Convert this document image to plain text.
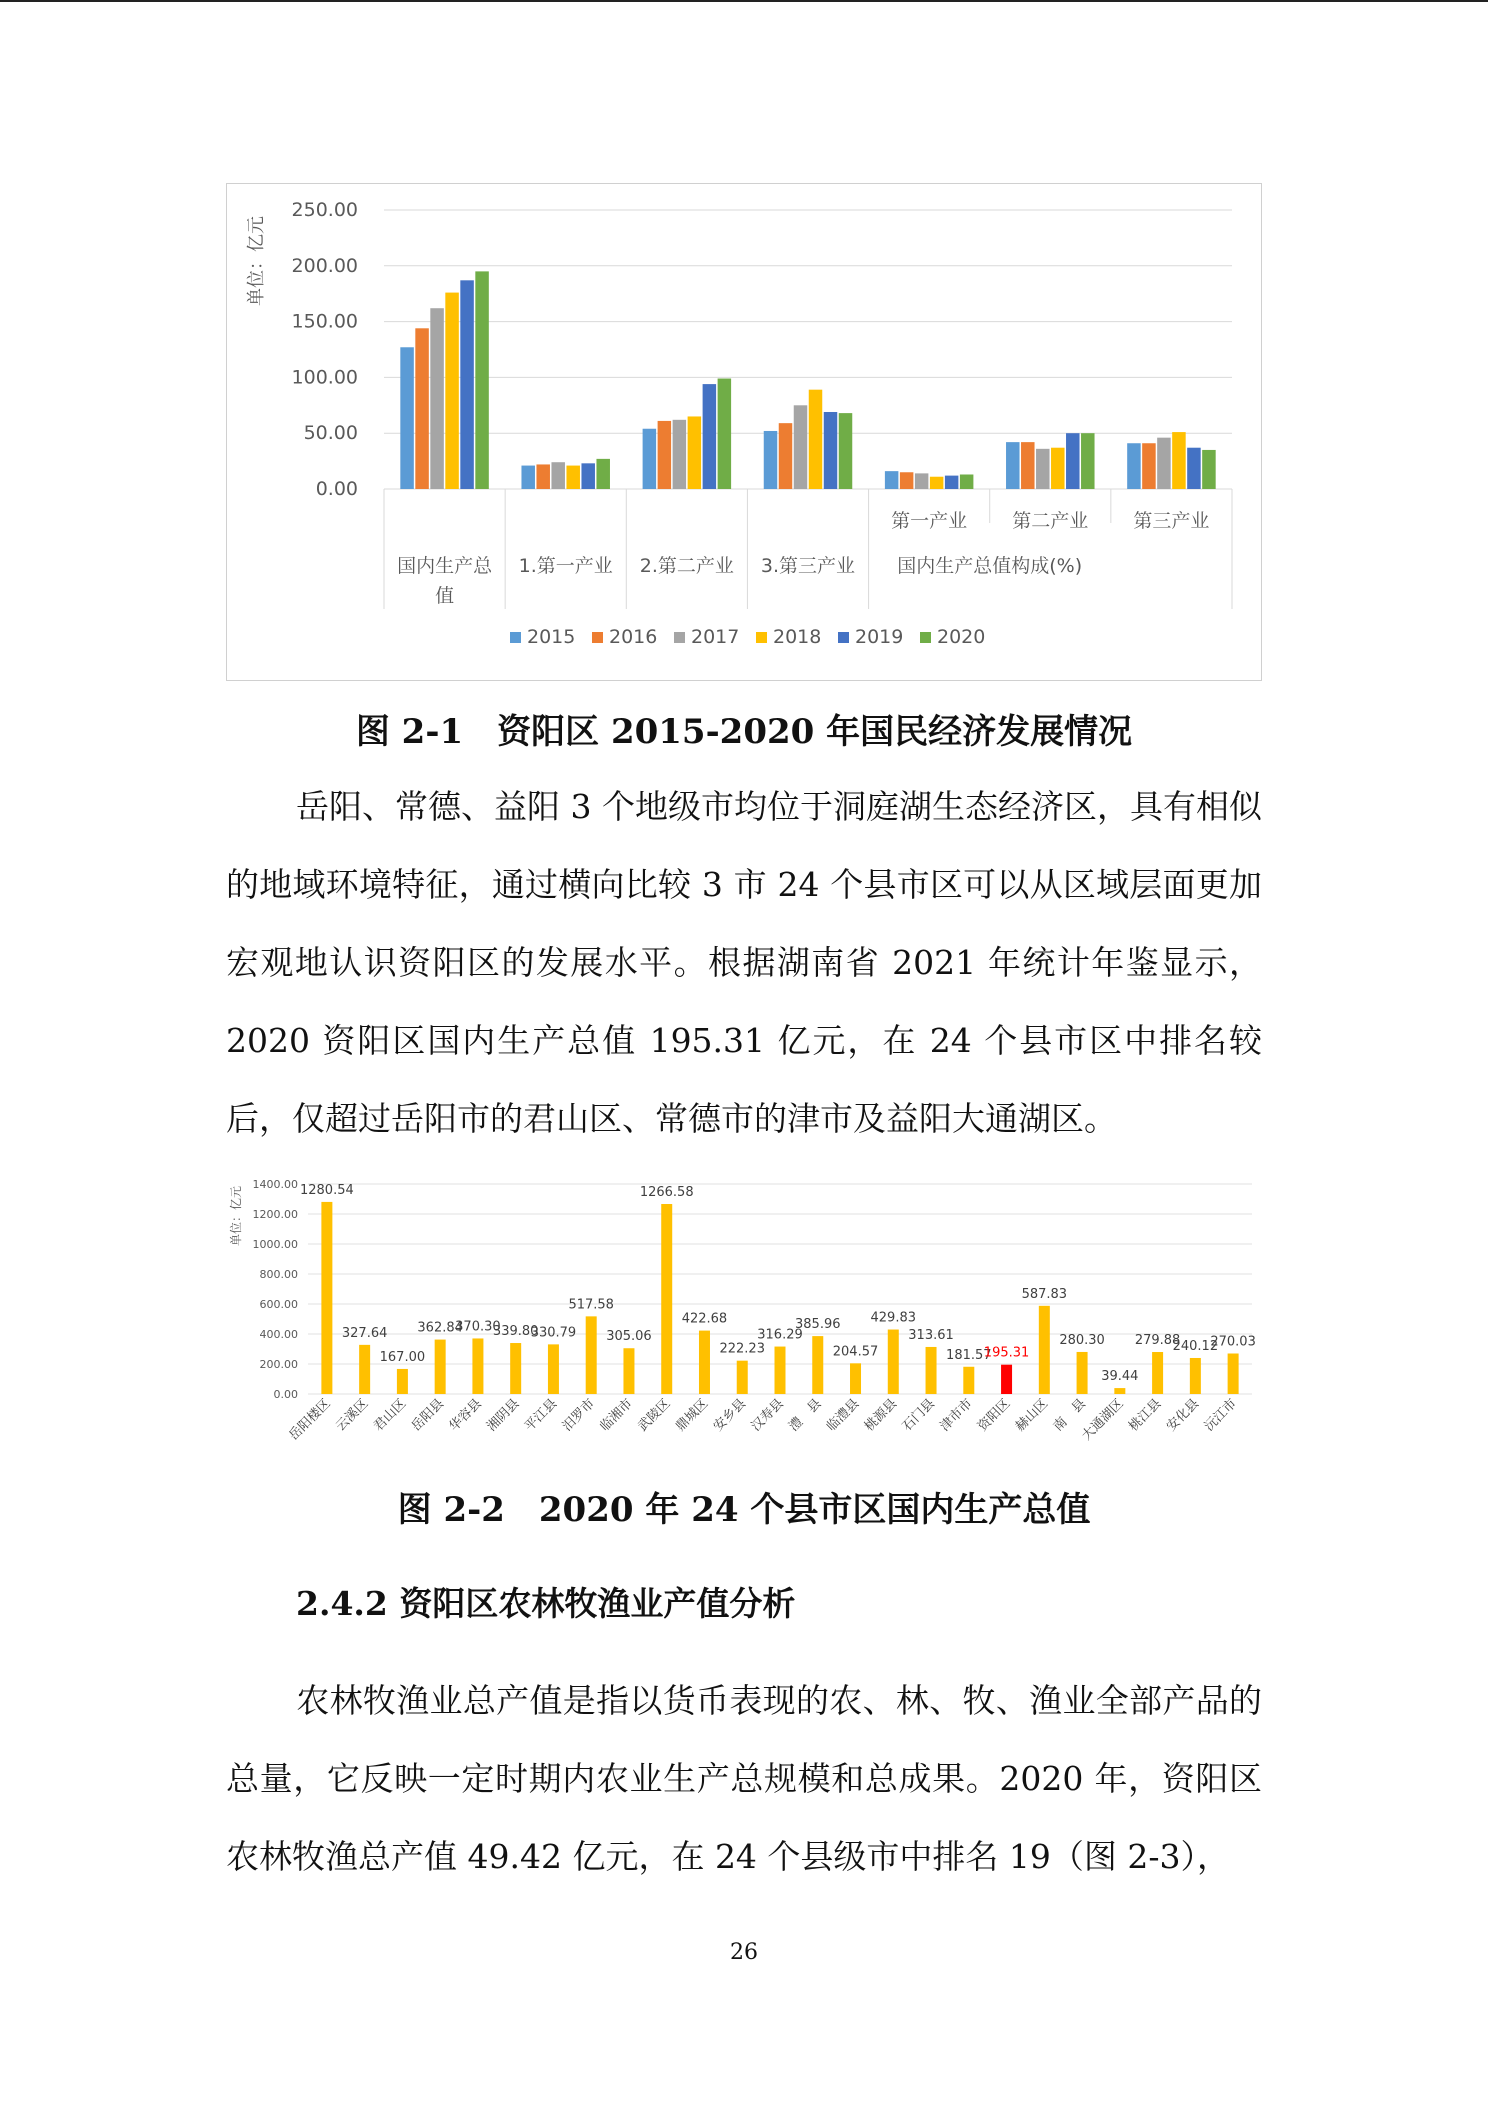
0.00
50.00
100.00
150.00
200.00
250.00
单位：亿元
国内生产总
值
1.第一产业 2.第二产业 3.第三产业
第一产业 第二产业 第三产业
国内生产总值构成(%)
2015 2016 2017 2018 2019 2020
图 2-1　资阳区 2015-2020 年国民经济发展情况
岳阳、常德、益阳 3 个地级市均位于洞庭湖生态经济区，具有相似的地域环境特征，通过横向比较 3 市 24 个县市区可以从区域层面更加宏观地认识资阳区的发展水平。根据湖南省 2021 年统计年鉴显示，2020 资阳区国内生产总值 195.31 亿元，在 24 个县市区中排名较后，仅超过岳阳市的君山区、常德市的津市及益阳大通湖区。
0.00
200.00
400.00
600.00
800.00
1000.00
1200.00
1400.00
单位：亿元	1280.54
岳阳楼区
327.64
云溪区
167.00
君山区
362.84
岳阳县
370.30
华容县
339.80
湘阴县
330.79
平江县
517.58
汨罗市
305.06
临湘市
1266.58
武陵区
422.68
鼎城区
222.23
安乡县
316.29
汉寿县
385.96
澧　县
204.57
临澧县
429.83
桃源县
313.61
石门县
181.57
津市市
195.31
资阳区
587.83
赫山区
280.30
南　县
39.44
大通湖区
279.88
桃江县
240.12
安化县
270.03
沅江市
图 2-2　2020 年 24 个县市区国内生产总值
2.4.2 资阳区农林牧渔业产值分析
农林牧渔业总产值是指以货币表现的农、林、牧、渔业全部产品的总量，它反映一定时期内农业生产总规模和总成果。2020 年，资阳区农林牧渔总产值 49.42 亿元，在 24 个县级市中排名 19（图 2-3），
26
